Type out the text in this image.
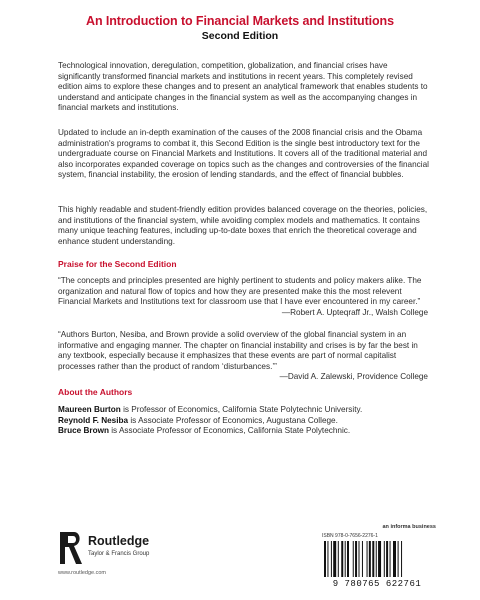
An Introduction to Financial Markets and Institutions
Second Edition
Technological innovation, deregulation, competition, globalization, and financial crises have significantly transformed financial markets and institutions in recent years. This completely revised edition aims to explore these changes and to present an analytical framework that enables students to understand and anticipate changes in the financial system as well as the accompanying changes in financial markets and institutions.
Updated to include an in-depth examination of the causes of the 2008 financial crisis and the Obama administration's programs to combat it, this Second Edition is the single best introductory text for the undergraduate course on Financial Markets and Institutions. It covers all of the traditional material and also incorporates expanded coverage on topics such as the changes and controversies of the financial system, financial instability, the erosion of lending standards, and the effect of financial bubbles.
This highly readable and student-friendly edition provides balanced coverage on the theories, policies, and institutions of the financial system, while avoiding complex models and mathematics. It contains many unique teaching features, including up-to-date boxes that enrich the theoretical coverage and enhance student understanding.
Praise for the Second Edition
“The concepts and principles presented are highly pertinent to students and policy makers alike. The organization and natural flow of topics and how they are presented make this the most relevent Financial Markets and Institutions text for classroom use that I have ever encountered in my career.”
—Robert A. Upteqraff Jr., Walsh College
“Authors Burton, Nesiba, and Brown provide a solid overview of the global financial system in an informative and engaging manner. The chapter on financial instability and crises is by far the best in any textbook, especially because it emphasizes that these events are part of normal capitalist processes rather than the product of random ‘disturbances.’”
—David A. Zalewski, Providence College
About the Authors
Maureen Burton is Professor of Economics, California State Polytechnic University.
Reynold F. Nesiba is Associate Professor of Economics, Augustana College.
Bruce Brown is Associate Professor of Economics, California State Polytechnic.
Routledge
Taylor & Francis Group
www.routledge.com
an informa business
ISBN 978-0-7656-2276-1
9 780765 622761
